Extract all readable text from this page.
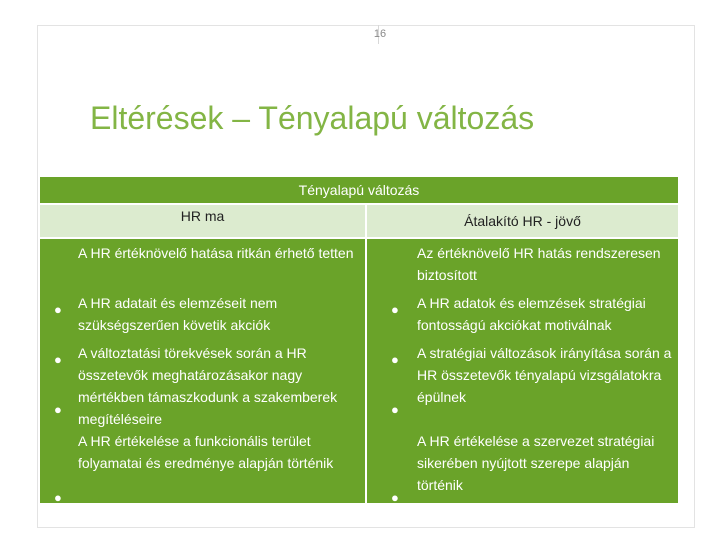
16
Eltérések – Tényalapú változás
Tényalapú változás
HR ma	Átalakító HR - jövő
●
A HR értéknövelő hatása ritkán érhető tetten
●
A HR adatait és elemzéseit nem szükségszerűen követik akciók
●
A változtatási törekvések során a HR összetevők meghatározásakor nagy mértékben támaszkodunk a szakemberek megítéléseire
●
A HR értékelése a funkcionális terület folyamatai és eredménye alapján történik
●
Az értéknövelő HR hatás rendszeresen biztosított
●
A HR adatok és elemzések stratégiai fontosságú akciókat motiválnak
●
A stratégiai változások irányítása során a HR összetevők tényalapú vizsgálatokra épülnek
●
A HR értékelése a szervezet stratégiai sikerében nyújtott szerepe alapján történik
